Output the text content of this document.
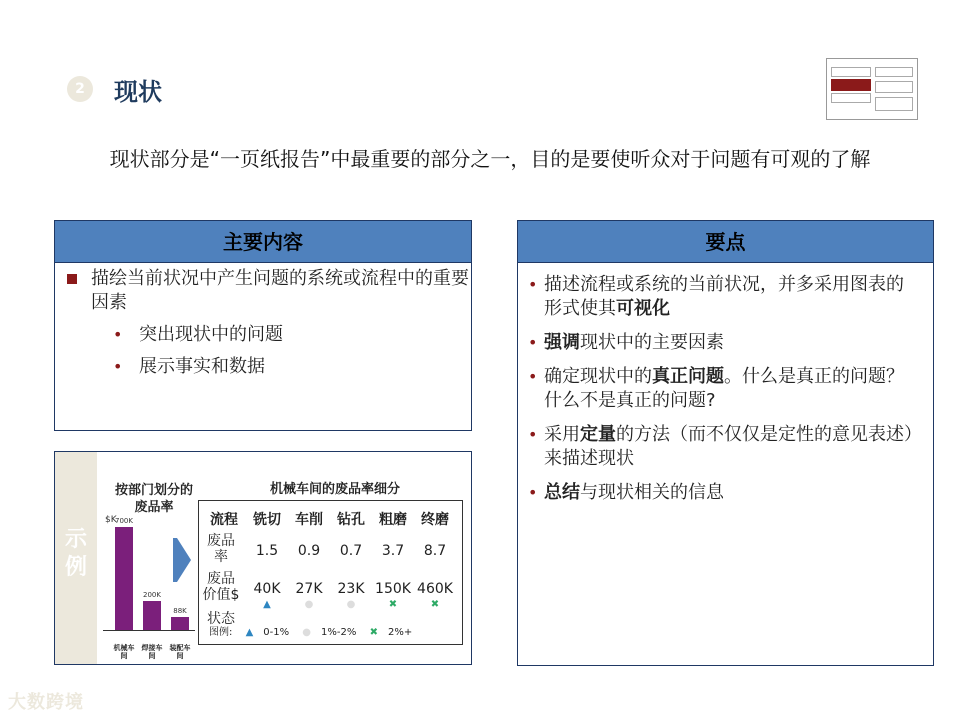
2	现状
现状部分是“一页纸报告”中最重要的部分之一，目的是要使听众对于问题有可观的了解
主要内容
描绘当前状况中产生问题的系统或流程中的重要因素
• 突出现状中的问题
• 展示事实和数据
要点
• 描述流程或系统的当前状况，并多采用图表的形式使其可视化
• 强调现状中的主要因素
• 确定现状中的真正问题。什么是真正的问题？什么不是真正的问题?
• 采用定量的方法（而不仅仅是定性的意见表述）来描述现状
• 总结与现状相关的信息
示例
按部门划分的废品率
$K
700K
机械车间
200K
焊接车间
88K
装配车间
机械车间的废品率细分
图例: ▲ 0-1% ● 1%-2% ✖ 2%+
流程	铣切	车削	钻孔	粗磨	终磨
废品率	1.5	0.9	0.7	3.7	8.7
废品价值$	40K	27K	23K 150K 460K
状态
▲	●	●	✖	✖
大数跨境
